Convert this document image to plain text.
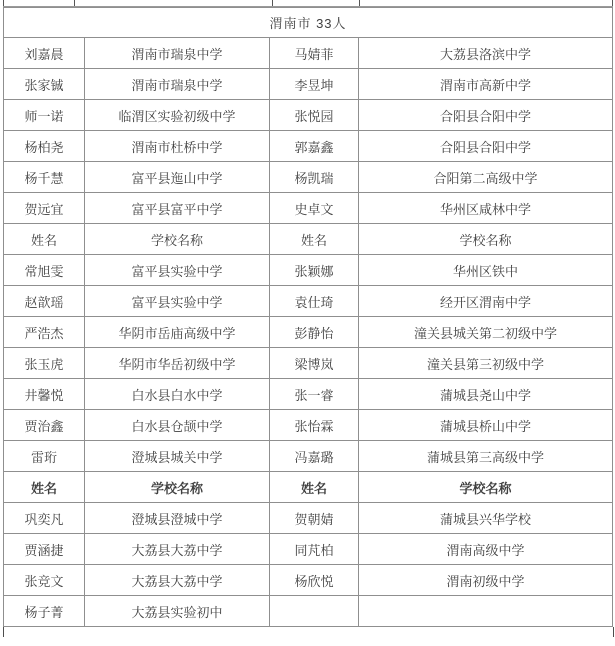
渭南市 33人			
刘嘉晨	渭南市瑞泉中学	马婧菲	大荔县洛滨中学
张家铖	渭南市瑞泉中学	李昱坤	渭南市高新中学
师一诺	临渭区实验初级中学	张悦园	合阳县合阳中学
杨柏尧	渭南市杜桥中学	郭嘉鑫	合阳县合阳中学
杨千慧	富平县迤山中学	杨凯瑞	合阳第二高级中学
贺远宜	富平县富平中学	史卓文	华州区咸林中学
姓名	学校名称	姓名	学校名称
常旭雯	富平县实验中学	张颖娜	华州区铁中
赵歆瑶	富平县实验中学	袁仕琦	经开区渭南中学
严浩杰	华阴市岳庙高级中学	彭静怡	潼关县城关第二初级中学
张玉虎	华阴市华岳初级中学	梁博岚	潼关县第三初级中学
井馨悦	白水县白水中学	张一睿	蒲城县尧山中学
贾治鑫	白水县仓颉中学	张怡霖	蒲城县桥山中学
雷珩	澄城县城关中学	冯嘉璐	蒲城县第三高级中学
姓名	学校名称	姓名	学校名称
巩奕凡	澄城县澄城中学	贺朝婧	蒲城县兴华学校
贾涵捷	大荔县大荔中学	同芃柏	渭南高级中学
张竞文	大荔县大荔中学	杨欣悦	渭南初级中学
杨子菁	大荔县实验初中		
